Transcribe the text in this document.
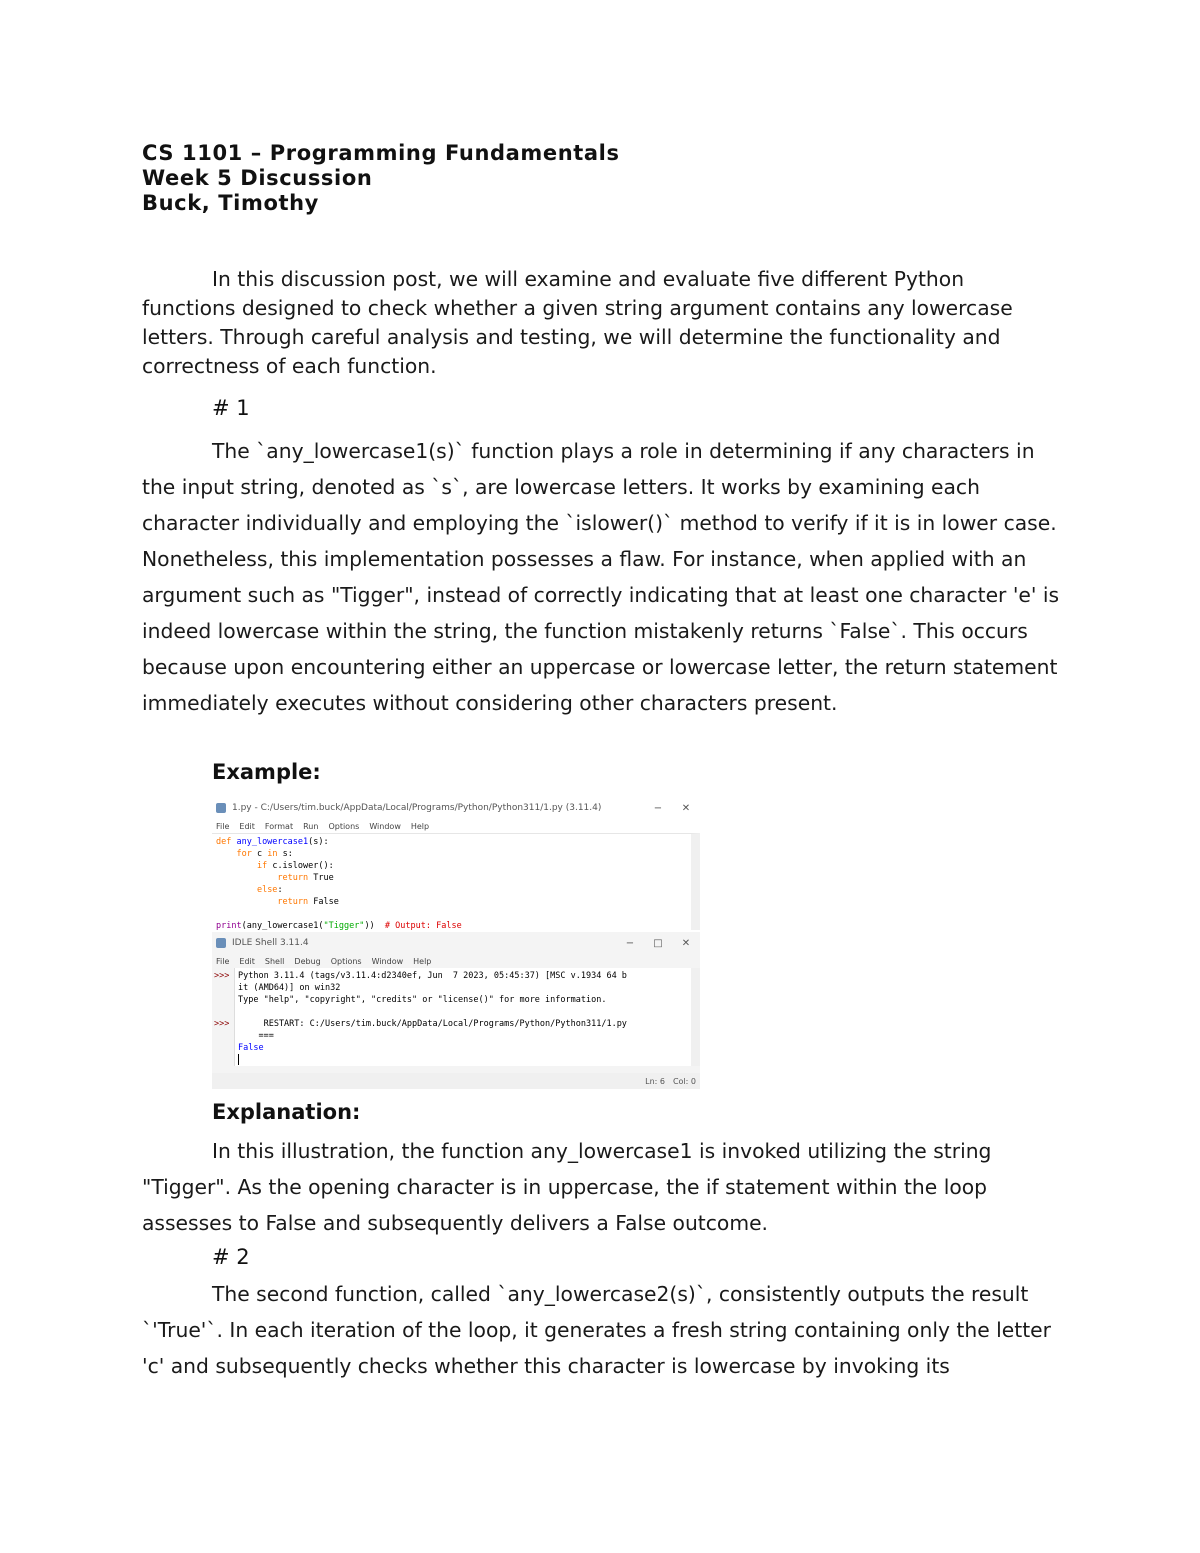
CS 1101 – Programming Fundamentals

Week 5 Discussion

Buck, Timothy

In this discussion post, we will examine and evaluate five different Python functions designed to check whether a given string argument contains any lowercase letters. Through careful analysis and testing, we will determine the functionality and correctness of each function.

# 1

The `any_lowercase1(s)` function plays a role in determining if any characters in the input string, denoted as `s`, are lowercase letters. It works by examining each character individually and employing the `islower()` method to verify if it is in lower case. Nonetheless, this implementation possesses a flaw. For instance, when applied with an argument such as "Tigger", instead of correctly indicating that at least one character 'e' is indeed lowercase within the string, the function mistakenly returns `False`. This occurs because upon encountering either an uppercase or lowercase letter, the return statement immediately executes without considering other characters present.

Example:

1.py - C:/Users/tim.buck/AppData/Local/Programs/Python/Python311/1.py (3.11.4)	−	✕
File Edit Format Run Options Window Help
def any_lowercase1(s):
for c in s:
if c.islower():
return True
else:
return False

print(any_lowercase1("Tigger"))  # Output: False
IDLE Shell 3.11.4	−	□	✕
File Edit Shell Debug Options Window Help
>>>

>>>
Python 3.11.4 (tags/v3.11.4:d2340ef, Jun  7 2023, 05:45:37) [MSC v.1934 64 b
it (AMD64)] on win32
Type "help", "copyright", "credits" or "license()" for more information.

RESTART: C:/Users/tim.buck/AppData/Local/Programs/Python/Python311/1.py
===
False

Ln: 6 Col: 0

Explanation:

In this illustration, the function any_lowercase1 is invoked utilizing the string "Tigger". As the opening character is in uppercase, the if statement within the loop assesses to False and subsequently delivers a False outcome.

# 2

The second function, called `any_lowercase2(s)`, consistently outputs the result `'True'`. In each iteration of the loop, it generates a fresh string containing only the letter 'c' and subsequently checks whether this character is lowercase by invoking its
